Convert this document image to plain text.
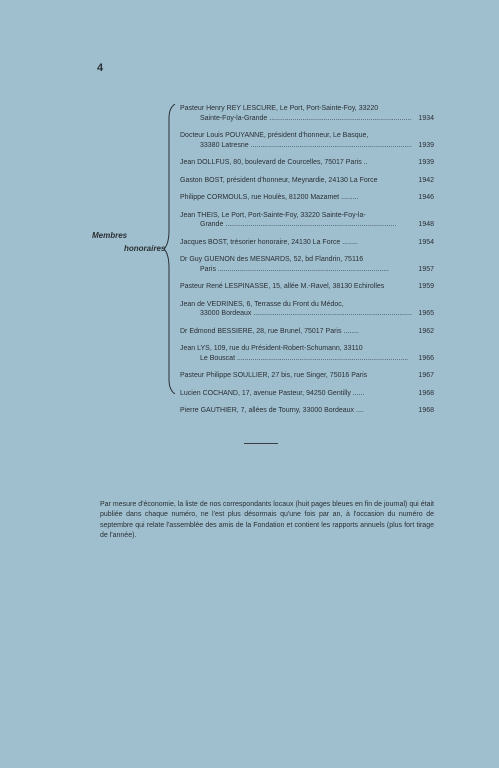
4
Membres
honoraires
Pasteur Henry REY LESCURE, Le Port, Port-Sainte-Foy, 33220
Sainte-Foy-la-Grande .....	1934
Docteur Louis POUYANNE, président d'honneur, Le Basque,
33380 Latresne .....	1939
Jean DOLLFUS, 80, boulevard de Courcelles, 75017 Paris ..	1939
Gaston BOST, président d'honneur, Meynardie, 24130 La Force	1942
Philippe CORMOULS, rue Houlès, 81200 Mazamet .........	1946
Jean THEIS, Le Port, Port-Sainte-Foy, 33220 Sainte-Foy-la-
Grande .....	1948
Jacques BOST, trésorier honoraire, 24130 La Force ........	1954
Dr Guy GUENON des MESNARDS, 52, bd Flandrin, 75116
Paris .....	1957
Pasteur René LESPINASSE, 15, allée M.-Ravel, 38130 Echirolles	1959
Jean de VEDRINES, 6, Terrasse du Front du Médoc,
33000 Bordeaux .....	1965
Dr Edmond BESSIERE, 28, rue Brunel, 75017 Paris ........	1962
Jean LYS, 109, rue du Président-Robert-Schumann, 33110
Le Bouscat .....	1966
Pasteur Philippe SOULLIER, 27 bis, rue Singer, 75016 Paris	1967
Lucien COCHAND, 17, avenue Pasteur, 94250 Gentilly ......	1968
Pierre GAUTHIER, 7, allées de Tourny, 33000 Bordeaux ....	1968
Par mesure d'économie, la liste de nos correspondants locaux (huit pages bleues en fin de journal) qui était publiée dans chaque numéro, ne l'est plus désormais qu'une fois par an, à l'occasion du numéro de septembre qui relate l'assemblée des amis de la Fondation et contient les rapports annuels (plus fort tirage de l'année).
